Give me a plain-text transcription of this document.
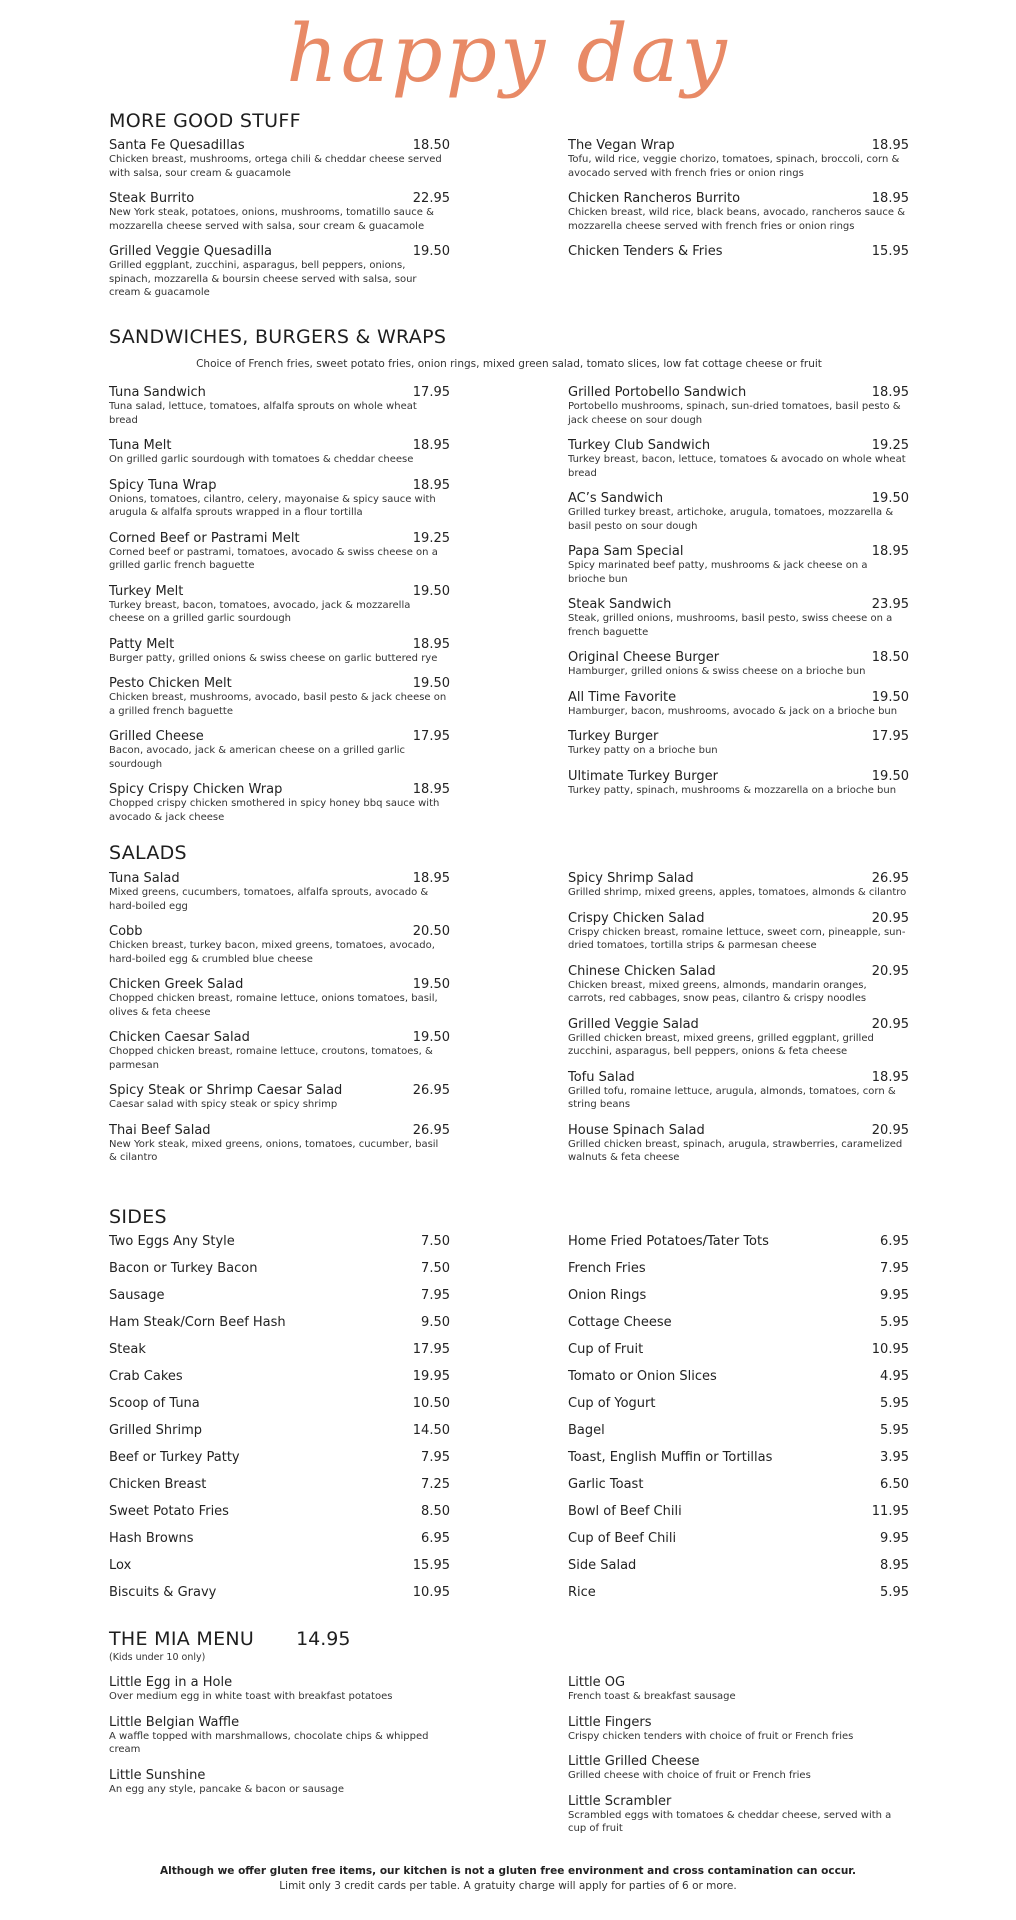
happy day
MORE GOOD STUFF
Santa Fe Quesadillas	18.50
Chicken breast, mushrooms, ortega chili & cheddar cheese served with salsa, sour cream & guacamole
Steak Burrito	22.95
New York steak, potatoes, onions, mushrooms, tomatillo sauce & mozzarella cheese served with salsa, sour cream & guacamole
Grilled Veggie Quesadilla	19.50
Grilled eggplant, zucchini, asparagus, bell peppers, onions, spinach, mozzarella & boursin cheese served with salsa, sour cream & guacamole
The Vegan Wrap	18.95
Tofu, wild rice, veggie chorizo, tomatoes, spinach, broccoli, corn & avocado served with french fries or onion rings
Chicken Rancheros Burrito	18.95
Chicken breast, wild rice, black beans, avocado, rancheros sauce & mozzarella cheese served with french fries or onion rings
Chicken Tenders & Fries	15.95
SANDWICHES, BURGERS & WRAPS
Choice of French fries, sweet potato fries, onion rings, mixed green salad, tomato slices, low fat cottage cheese or fruit
Tuna Sandwich	17.95
Tuna salad, lettuce, tomatoes, alfalfa sprouts on whole wheat bread
Tuna Melt	18.95
On grilled garlic sourdough with tomatoes & cheddar cheese
Spicy Tuna Wrap	18.95
Onions, tomatoes, cilantro, celery, mayonaise & spicy sauce with arugula & alfalfa sprouts wrapped in a flour tortilla
Corned Beef or Pastrami Melt	19.25
Corned beef or pastrami, tomatoes, avocado & swiss cheese on a grilled garlic french baguette
Turkey Melt	19.50
Turkey breast, bacon, tomatoes, avocado, jack & mozzarella cheese on a grilled garlic sourdough
Patty Melt	18.95
Burger patty, grilled onions & swiss cheese on garlic buttered rye
Pesto Chicken Melt	19.50
Chicken breast, mushrooms, avocado, basil pesto & jack cheese on a grilled french baguette
Grilled Cheese	17.95
Bacon, avocado, jack & american cheese on a grilled garlic sourdough
Spicy Crispy Chicken Wrap	18.95
Chopped crispy chicken smothered in spicy honey bbq sauce with avocado & jack cheese
Grilled Portobello Sandwich	18.95
Portobello mushrooms, spinach, sun-dried tomatoes, basil pesto & jack cheese on sour dough
Turkey Club Sandwich	19.25
Turkey breast, bacon, lettuce, tomatoes & avocado on whole wheat bread
AC’s Sandwich	19.50
Grilled turkey breast, artichoke, arugula, tomatoes, mozzarella & basil pesto on sour dough
Papa Sam Special	18.95
Spicy marinated beef patty, mushrooms & jack cheese on a brioche bun
Steak Sandwich	23.95
Steak, grilled onions, mushrooms, basil pesto, swiss cheese on a french baguette
Original Cheese Burger	18.50
Hamburger, grilled onions & swiss cheese on a brioche bun
All Time Favorite	19.50
Hamburger, bacon, mushrooms, avocado & jack on a brioche bun
Turkey Burger	17.95
Turkey patty on a brioche bun
Ultimate Turkey Burger	19.50
Turkey patty, spinach, mushrooms & mozzarella on a brioche bun
SALADS
Tuna Salad	18.95
Mixed greens, cucumbers, tomatoes, alfalfa sprouts, avocado & hard-boiled egg
Cobb	20.50
Chicken breast, turkey bacon, mixed greens, tomatoes, avocado, hard-boiled egg & crumbled blue cheese
Chicken Greek Salad	19.50
Chopped chicken breast, romaine lettuce, onions tomatoes, basil, olives & feta cheese
Chicken Caesar Salad	19.50
Chopped chicken breast, romaine lettuce, croutons, tomatoes, & parmesan
Spicy Steak or Shrimp Caesar Salad	26.95
Caesar salad with spicy steak or spicy shrimp
Thai Beef Salad	26.95
New York steak, mixed greens, onions, tomatoes, cucumber, basil & cilantro
Spicy Shrimp Salad	26.95
Grilled shrimp, mixed greens, apples, tomatoes, almonds & cilantro
Crispy Chicken Salad	20.95
Crispy chicken breast, romaine lettuce, sweet corn, pineapple, sun-dried tomatoes, tortilla strips & parmesan cheese
Chinese Chicken Salad	20.95
Chicken breast, mixed greens, almonds, mandarin oranges, carrots, red cabbages, snow peas, cilantro & crispy noodles
Grilled Veggie Salad	20.95
Grilled chicken breast, mixed greens, grilled eggplant, grilled zucchini, asparagus, bell peppers, onions & feta cheese
Tofu Salad	18.95
Grilled tofu, romaine lettuce, arugula, almonds, tomatoes, corn & string beans
House Spinach Salad	20.95
Grilled chicken breast, spinach, arugula, strawberries, caramelized walnuts & feta cheese
SIDES
Two Eggs Any Style	7.50
Bacon or Turkey Bacon	7.50
Sausage	7.95
Ham Steak/Corn Beef Hash	9.50
Steak	17.95
Crab Cakes	19.95
Scoop of Tuna	10.50
Grilled Shrimp	14.50
Beef or Turkey Patty	7.95
Chicken Breast	7.25
Sweet Potato Fries	8.50
Hash Browns	6.95
Lox	15.95
Biscuits & Gravy	10.95
Home Fried Potatoes/Tater Tots	6.95
French Fries	7.95
Onion Rings	9.95
Cottage Cheese	5.95
Cup of Fruit	10.95
Tomato or Onion Slices	4.95
Cup of Yogurt	5.95
Bagel	5.95
Toast, English Muffin or Tortillas	3.95
Garlic Toast	6.50
Bowl of Beef Chili	11.95
Cup of Beef Chili	9.95
Side Salad	8.95
Rice	5.95
THE MIA MENU 14.95
(Kids under 10 only)
Little Egg in a Hole
Over medium egg in white toast with breakfast potatoes
Little Belgian Waffle
A waffle topped with marshmallows, chocolate chips & whipped cream
Little Sunshine
An egg any style, pancake & bacon or sausage
Little OG
French toast & breakfast sausage
Little Fingers
Crispy chicken tenders with choice of fruit or French fries
Little Grilled Cheese
Grilled cheese with choice of fruit or French fries
Little Scrambler
Scrambled eggs with tomatoes & cheddar cheese, served with a cup of fruit
Although we offer gluten free items, our kitchen is not a gluten free environment and cross contamination can occur.
Limit only 3 credit cards per table. A gratuity charge will apply for parties of 6 or more.
